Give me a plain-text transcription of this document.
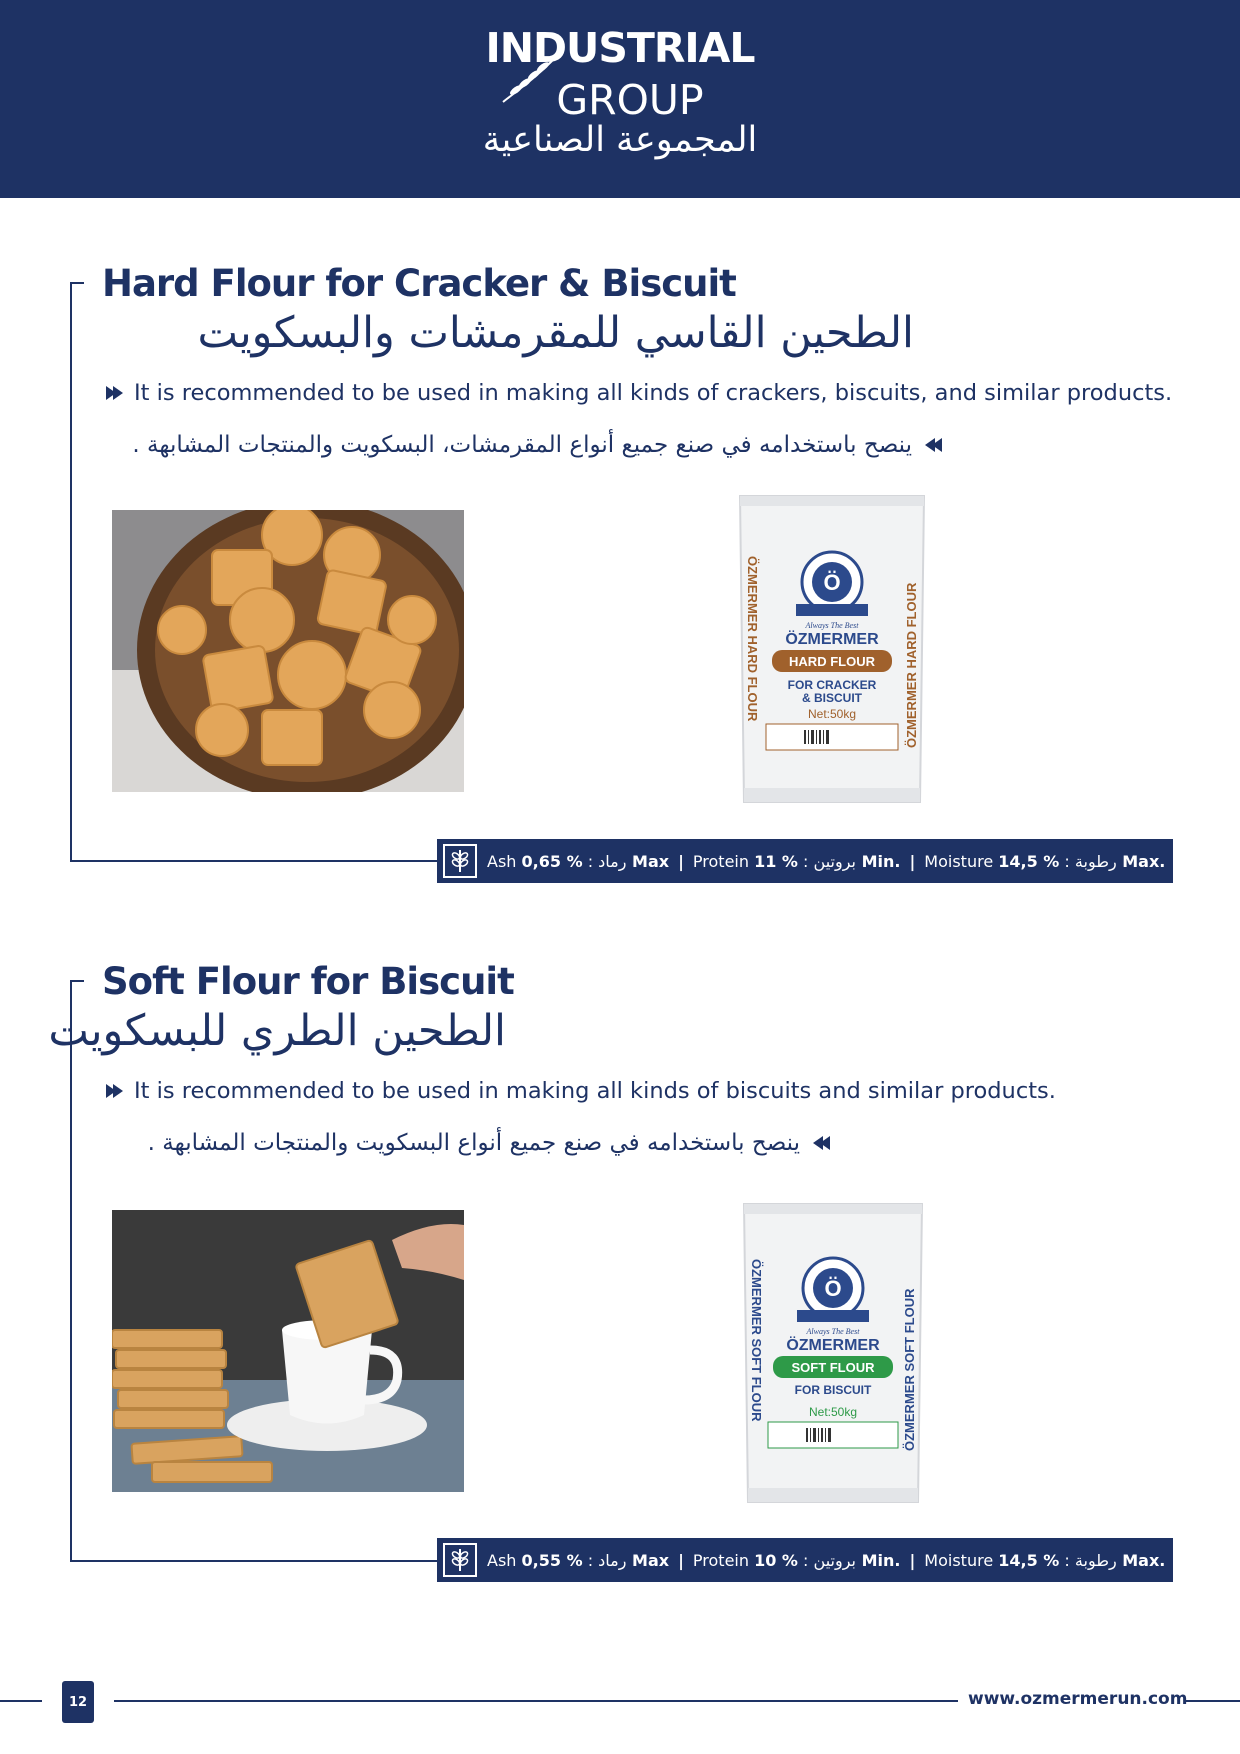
INDUSTRIAL
GROUP
المجموعة الصناعية
Hard Flour for Cracker & Biscuit
الطحين القاسي للمقرمشات والبسكويت
It is recommended to be used in making all kinds of crackers, biscuits, and similar products.
ينصح باستخدامه في صنع جميع أنواع المقرمشات، البسكويت والمنتجات المشابهة .
ÖZMERMER HARD FLOUR	ÖZMERMER HARD FLOUR
Ö
Always The Best
ÖZMERMER
HARD FLOUR
FOR CRACKER
& BISCUIT
Net:50kg
Ash رماد : % 0,65 Max | Protein بروتين : % 11 Min. | Moisture رطوبة : % 14,5 Max.
Soft Flour for Biscuit
الطحين الطري للبسكويت
It is recommended to be used in making all kinds of biscuits and similar products.
ينصح باستخدامه في صنع جميع أنواع البسكويت والمنتجات المشابهة .
ÖZMERMER SOFT FLOUR	ÖZMERMER SOFT FLOUR
Ö
Always The Best
ÖZMERMER
SOFT FLOUR
FOR BISCUIT
Net:50kg
Ash رماد : % 0,55 Max | Protein بروتين : % 10 Min. | Moisture رطوبة : % 14,5 Max.
12	www.ozmermerun.com
